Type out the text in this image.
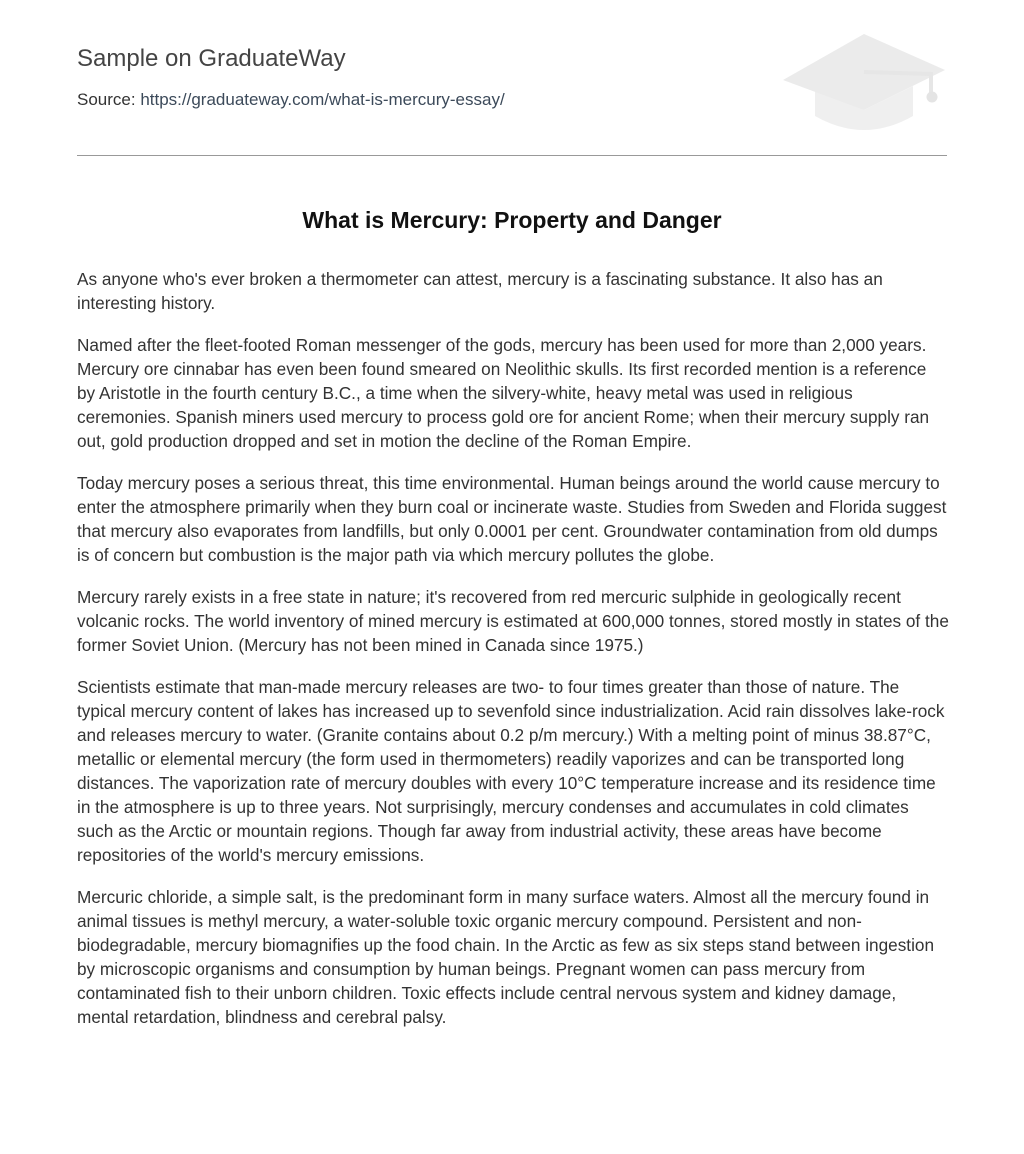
Sample on GraduateWay
Source: https://graduateway.com/what-is-mercury-essay/
What is Mercury: Property and Danger

As anyone who's ever broken a thermometer can attest, mercury is a fascinating substance. It also has an interesting history.

Named after the fleet-footed Roman messenger of the gods, mercury has been used for more than 2,000 years. Mercury ore cinnabar has even been found smeared on Neolithic skulls. Its first recorded mention is a reference by Aristotle in the fourth century B.C., a time when the silvery-white, heavy metal was used in religious ceremonies. Spanish miners used mercury to process gold ore for ancient Rome; when their mercury supply ran out, gold production dropped and set in motion the decline of the Roman Empire.

Today mercury poses a serious threat, this time environmental. Human beings around the world cause mercury to enter the atmosphere primarily when they burn coal or incinerate waste. Studies from Sweden and Florida suggest that mercury also evaporates from landfills, but only 0.0001 per cent. Groundwater contamination from old dumps is of concern but combustion is the major path via which mercury pollutes the globe.

Mercury rarely exists in a free state in nature; it's recovered from red mercuric sulphide in geologically recent volcanic rocks. The world inventory of mined mercury is estimated at 600,000 tonnes, stored mostly in states of the former Soviet Union. (Mercury has not been mined in Canada since 1975.)

Scientists estimate that man-made mercury releases are two- to four times greater than those of nature. The typical mercury content of lakes has increased up to sevenfold since industrialization. Acid rain dissolves lake-rock and releases mercury to water. (Granite contains about 0.2 p/m mercury.) With a melting point of minus 38.87°C, metallic or elemental mercury (the form used in thermometers) readily vaporizes and can be transported long distances. The vaporization rate of mercury doubles with every 10°C temperature increase and its residence time in the atmosphere is up to three years. Not surprisingly, mercury condenses and accumulates in cold climates such as the Arctic or mountain regions. Though far away from industrial activity, these areas have become repositories of the world's mercury emissions.

Mercuric chloride, a simple salt, is the predominant form in many surface waters. Almost all the mercury found in animal tissues is methyl mercury, a water-soluble toxic organic mercury compound. Persistent and non-biodegradable, mercury biomagnifies up the food chain. In the Arctic as few as six steps stand between ingestion by microscopic organisms and consumption by human beings. Pregnant women can pass mercury from contaminated fish to their unborn children. Toxic effects include central nervous system and kidney damage, mental retardation, blindness and cerebral palsy.
